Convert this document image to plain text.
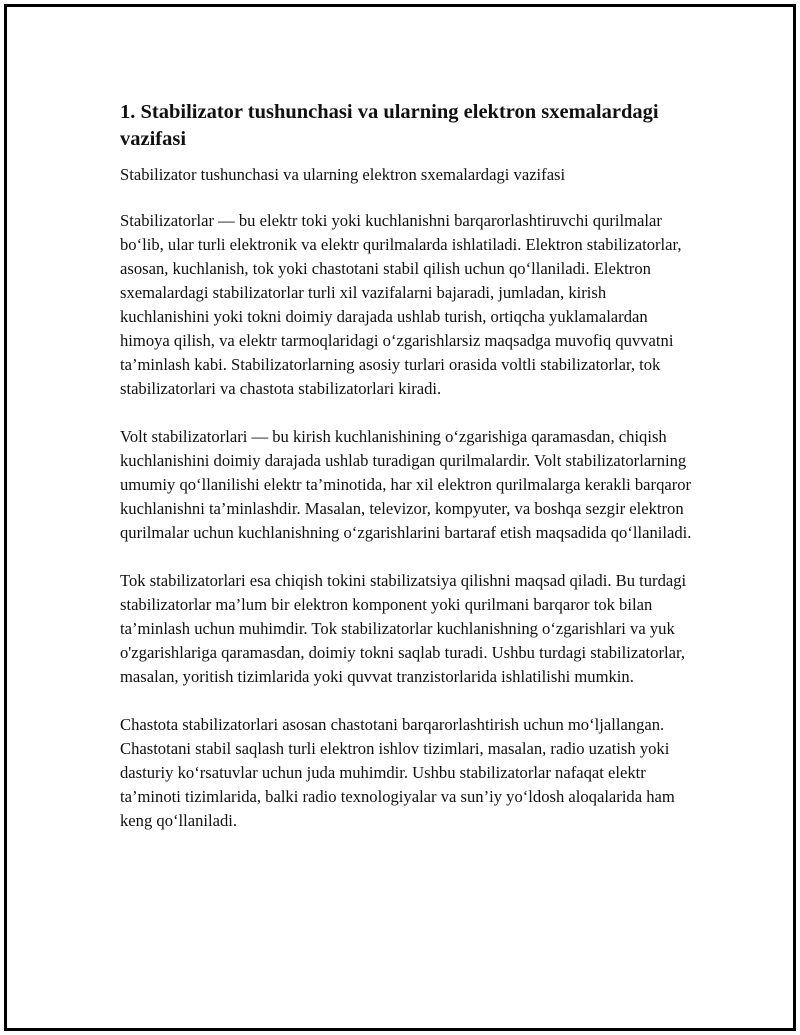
1. Stabilizator tushunchasi va ularning elektron sxemalardagi vazifasi

Stabilizator tushunchasi va ularning elektron sxemalardagi vazifasi

Stabilizatorlar — bu elektr toki yoki kuchlanishni barqarorlashtiruvchi qurilmalar bo‘lib, ular turli elektronik va elektr qurilmalarda ishlatiladi. Elektron stabilizatorlar, asosan, kuchlanish, tok yoki chastotani stabil qilish uchun qo‘llaniladi. Elektron sxemalardagi stabilizatorlar turli xil vazifalarni bajaradi, jumladan, kirish kuchlanishini yoki tokni doimiy darajada ushlab turish, ortiqcha yuklamalardan himoya qilish, va elektr tarmoqlaridagi o‘zgarishlarsiz maqsadga muvofiq quvvatni ta’minlash kabi. Stabilizatorlarning asosiy turlari orasida voltli stabilizatorlar, tok stabilizatorlari va chastota stabilizatorlari kiradi.

Volt stabilizatorlari — bu kirish kuchlanishining o‘zgarishiga qaramasdan, chiqish kuchlanishini doimiy darajada ushlab turadigan qurilmalardir. Volt stabilizatorlarning umumiy qo‘llanilishi elektr ta’minotida, har xil elektron qurilmalarga kerakli barqaror kuchlanishni ta’minlashdir. Masalan, televizor, kompyuter, va boshqa sezgir elektron qurilmalar uchun kuchlanishning o‘zgarishlarini bartaraf etish maqsadida qo‘llaniladi.

Tok stabilizatorlari esa chiqish tokini stabilizatsiya qilishni maqsad qiladi. Bu turdagi stabilizatorlar ma’lum bir elektron komponent yoki qurilmani barqaror tok bilan ta’minlash uchun muhimdir. Tok stabilizatorlar kuchlanishning o‘zgarishlari va yuk o'zgarishlariga qaramasdan, doimiy tokni saqlab turadi. Ushbu turdagi stabilizatorlar, masalan, yoritish tizimlarida yoki quvvat tranzistorlarida ishlatilishi mumkin.

Chastota stabilizatorlari asosan chastotani barqarorlashtirish uchun mo‘ljallangan. Chastotani stabil saqlash turli elektron ishlov tizimlari, masalan, radio uzatish yoki dasturiy ko‘rsatuvlar uchun juda muhimdir. Ushbu stabilizatorlar nafaqat elektr ta’minoti tizimlarida, balki radio texnologiyalar va sun’iy yo‘ldosh aloqalarida ham keng qo‘llaniladi.
